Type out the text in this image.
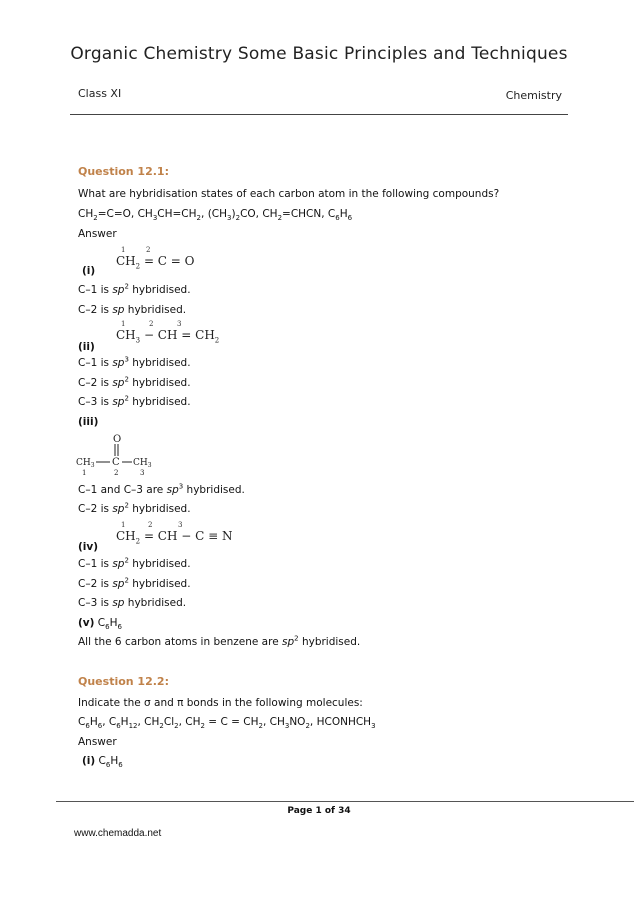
Organic Chemistry Some Basic Principles and Techniques
Class XI	Chemistry
Question 12.1:
What are hybridisation states of each carbon atom in the following compounds?
$CH_2=C=O$, $CH_3CH=CH_2$, $(CH_3)_2CO$, $CH_2=CHCN$, $C_6H_6$
Answer
1	2
$CH_2 = C = O$
(i)
C–1 is $sp^2$ hybridised.
C–2 is sp hybridised.
1	2	3
$CH_3$ − CH = $CH_2$
(ii)
C–1 is $sp^3$ hybridised.
C–2 is $sp^2$ hybridised.
C–3 is $sp^2$ hybridised.
(iii)
O
$CH_3$ C $CH_3$
1	2	3
C–1 and C–3 are $sp^3$ hybridised.
C–2 is $sp^2$ hybridised.
1	2	3
$CH_2$ = CH − C ≡ N
(iv)
C–1 is $sp^2$ hybridised.
C–2 is $sp^2$ hybridised.
C–3 is sp hybridised.
(v) $C_6H_6$
All the 6 carbon atoms in benzene are $sp^2$ hybridised.
Question 12.2:
Indicate the σ and π bonds in the following molecules:
$C_6H_6$, $C_6H_{12}$, $CH_2Cl_2$, $CH_2 = C = CH_2$, $CH_3NO_2$, $HCONHCH_3$
Answer
(i) $C_6H_6$
Page 1 of 34
www.chemadda.net
